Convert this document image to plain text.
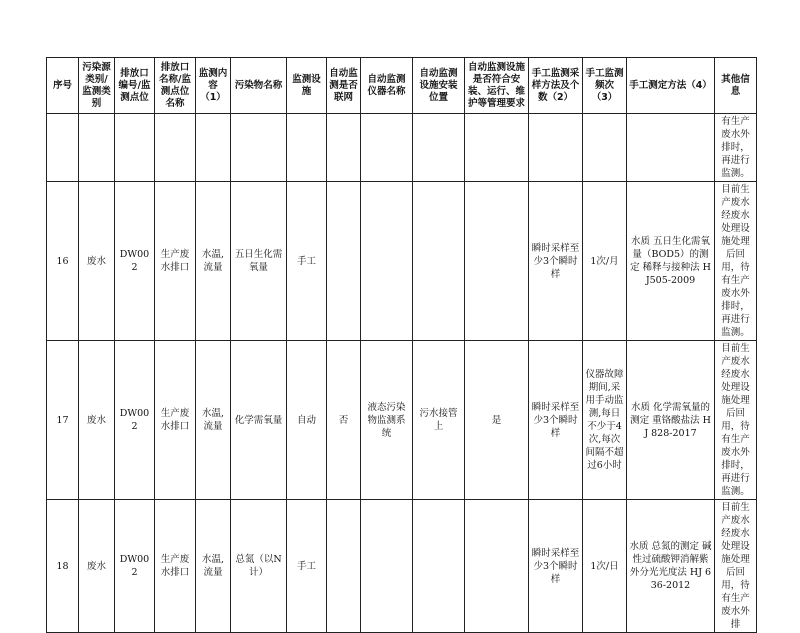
序号	污染源类别/监测类别	排放口编号/监测点位	排放口名称/监测点位名称	监测内容（1）	污染物名称	监测设施	自动监测是否联网	自动监测仪器名称	自动监测设施安装位置	自动监测设施是否符合安装、运行、维护等管理要求	手工监测采样方法及个数（2）	手工监测频次（3）	手工测定方法（4）	其他信息
														有生产废水外排时，再进行监测。
16	废水	DW002	生产废水排口	水温,流量	五日生化需氧量	手工					瞬时采样至少3个瞬时样	1次/月	水质 五日生化需氧量（BOD5）的测定 稀释与接种法 HJ505-2009	目前生产废水经废水处理设施处理后回用，待有生产废水外排时，再进行监测。
17	废水	DW002	生产废水排口	水温,流量	化学需氧量	自动	否	液态污染物监测系统	污水接管上	是	瞬时采样至少3个瞬时样	仪器故障期间,采用手动监测,每日不少于4次,每次间隔不超过6小时	水质 化学需氧量的测定 重铬酸盐法 HJ 828-2017	目前生产废水经废水处理设施处理后回用，待有生产废水外排时，再进行监测。
18	废水	DW002	生产废水排口	水温,流量	总氮（以N计）	手工					瞬时采样至少3个瞬时样	1次/日	水质 总氮的测定 碱性过硫酸钾消解紫外分光光度法 HJ 636-2012	目前生产废水经废水处理设施处理后回用，待有生产废水外排
